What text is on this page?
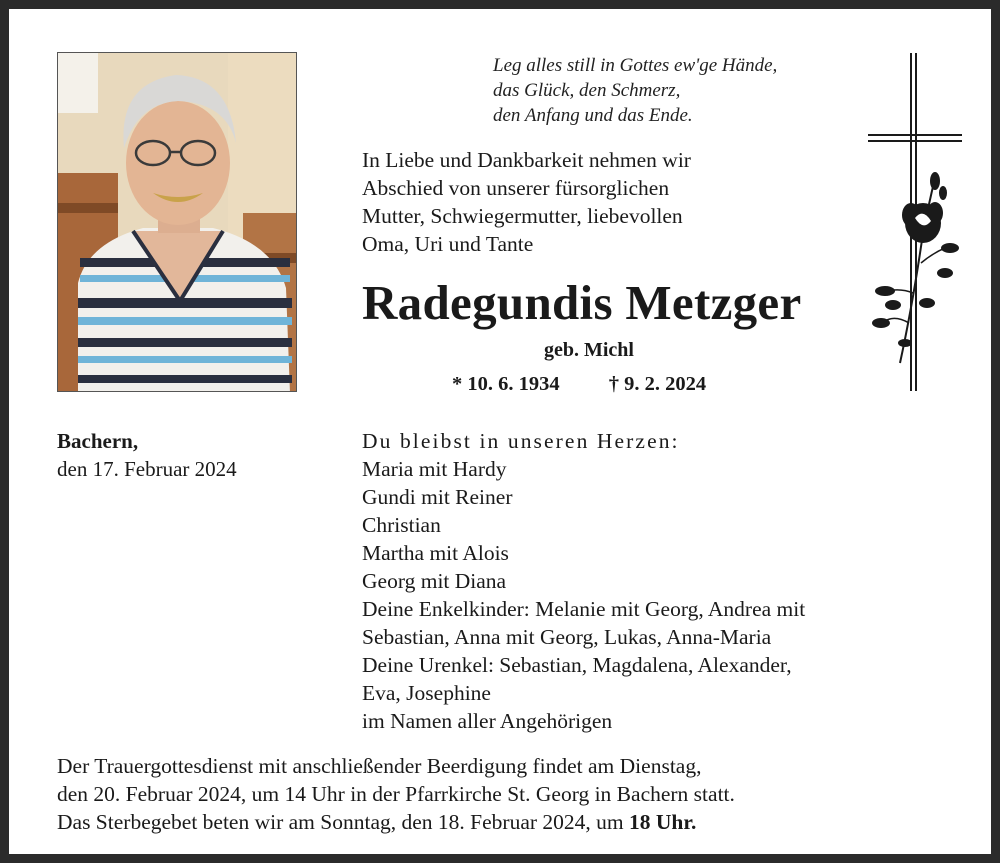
Leg alles still in Gottes ew'ge Hände,
das Glück, den Schmerz,
den Anfang und das Ende.
In Liebe und Dankbarkeit nehmen wir
Abschied von unserer fürsorglichen
Mutter, Schwiegermutter, liebevollen
Oma, Uri und Tante
Radegundis Metzger
geb. Michl
* 10. 6. 1934 † 9. 2. 2024
Bachern,
den 17. Februar 2024
Du bleibst in unseren Herzen:
Maria mit Hardy
Gundi mit Reiner
Christian
Martha mit Alois
Georg mit Diana
Deine Enkelkinder: Melanie mit Georg, Andrea mit
Sebastian, Anna mit Georg, Lukas, Anna-Maria
Deine Urenkel: Sebastian, Magdalena, Alexander,
Eva, Josephine
im Namen aller Angehörigen
Der Trauergottesdienst mit anschließender Beerdigung findet am Dienstag,
den 20. Februar 2024, um 14 Uhr in der Pfarrkirche St. Georg in Bachern statt.
Das Sterbegebet beten wir am Sonntag, den 18. Februar 2024, um 18 Uhr.
